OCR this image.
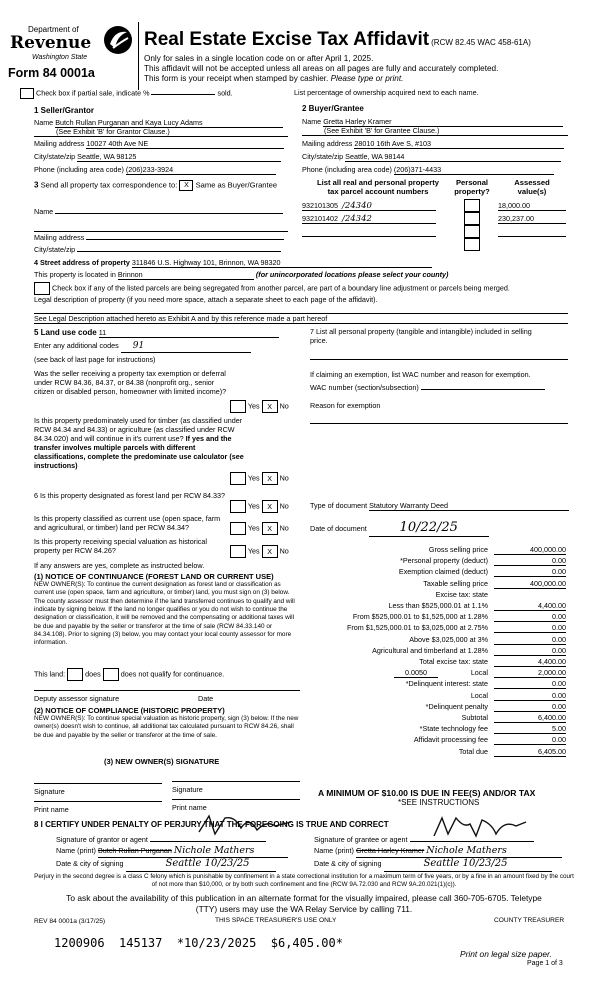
Department of
Revenue
Washington State
Form 84 0001a
Real Estate Excise Tax Affidavit (RCW 82.45 WAC 458-61A)
Only for sales in a single location code on or after April 1, 2025.
This affidavit will not be accepted unless all areas on all pages are fully and accurately completed.
This form is your receipt when stamped by cashier. Please type or print.
Check box if partial sale, indicate %	sold.	List percentage of ownership acquired next to each name.
1 Seller/Grantor
Name Butch Rullan Purganan and Kaya Lucy Adams
(See Exhibit 'B' for Grantor Clause.)
Mailing address 10027 40th Ave NE
City/state/zip Seattle, WA 98125
Phone (including area code) (206)233-3924
2 Buyer/Grantee
Name Gretta Harley Kramer
(See Exhibit 'B' for Grantee Clause.)
Mailing address 28010 16th Ave S, #103
City/state/zip Seattle, WA 98144
Phone (including area code) (206)371-4433
3 Send all property tax correspondence to: X Same as Buyer/Grantee
Name
Mailing address
City/state/zip
List all real and personal property
tax parcel account numbers
Personal
property?
Assessed
value(s)
932101305 /24340	18,000.00
932101402 /24342	230,237.00
4 Street address of property 311846 U.S. Highway 101, Brinnon, WA 98320
This property is located in Brinnon	(for unincorporated locations please select your county)
Check box if any of the listed parcels are being segregated from another parcel, are part of a boundary line adjustment or parcels being merged.
Legal description of property (if you need more space, attach a separate sheet to each page of the affidavit).
See Legal Description attached hereto as Exhibit A and by this reference made a part hereof
5 Land use code 11
Enter any additional codes 91
(see back of last page for instructions)
Was the seller receiving a property tax exemption or deferral under RCW 84.36, 84.37, or 84.38 (nonprofit org., senior citizen or disabled person, homeowner with limited income)?
Yes X No
Is this property predominately used for timber (as classified under RCW 84.34 and 84.33) or agriculture (as classified under RCW 84.34.020) and will continue in it's current use? If yes and the transfer involves multiple parcels with different classifications, complete the predominate use calculator (see instructions)
Yes X No
7 List all personal property (tangible and intangible) included in selling price.
If claiming an exemption, list WAC number and reason for exemption.
WAC number (section/subsection)
Reason for exemption
6 Is this property designated as forest land per RCW 84.33?
Yes X No
Is this property classified as current use (open space, farm and agricultural, or timber) land per RCW 84.34?	Yes X No
Is this property receiving special valuation as historical property per RCW 84.26?	Yes X No
If any answers are yes, complete as instructed below.
(1) NOTICE OF CONTINUANCE (FOREST LAND OR CURRENT USE)
NEW OWNER(S): To continue the current designation as forest land or classification as current use (open space, farm and agriculture, or timber) land, you must sign on (3) below. The county assessor must then determine if the land transferred continues to qualify and will indicate by signing below. If the land no longer qualifies or you do not wish to continue the designation or classification, it will be removed and the compensating or additional taxes will be due and payable by the seller or transferor at the time of sale (RCW 84.33.140 or 84.34.108). Prior to signing (3) below, you may contact your local county assessor for more information.
This land:	does	does not qualify for continuance.
Deputy assessor signature	Date
(2) NOTICE OF COMPLIANCE (HISTORIC PROPERTY)
NEW OWNER(S): To continue special valuation as historic property, sign (3) below. If the new owner(s) doesn't wish to continue, all additional tax calculated pursuant to RCW 84.26, shall be due and payable by the seller or transferor at the time of sale.
(3) NEW OWNER(S) SIGNATURE
Signature	Signature
Print name	Print name
Type of document Statutory Warranty Deed
Date of document	10/22/25
Gross selling price	400,000.00
*Personal property (deduct)	0.00
Exemption claimed (deduct)	0.00
Taxable selling price	400,000.00
Excise tax: state
Less than $525,000.01 at 1.1%	4,400.00
From $525,000.01 to $1,525,000 at 1.28%	0.00
From $1,525,000.01 to $3,025,000 at 2.75%	0.00
Above $3,025,000 at 3%	0.00
Agricultural and timberland at 1.28%	0.00
Total excise tax: state	4,400.00
Local
0.0050	2,000.00
*Delinquent interest: state	0.00
Local	0.00
*Delinquent penalty	0.00
Subtotal	6,400.00
*State technology fee	5.00
Affidavit processing fee	0.00
Total due	6,405.00
A MINIMUM OF $10.00 IS DUE IN FEE(S) AND/OR TAX
*SEE INSTRUCTIONS
8 I CERTIFY UNDER PENALTY OF PERJURY THAT THE FOREGOING IS TRUE AND CORRECT
Signature of grantor or agent
Name (print) Butch Rullan Purganan Nichole Mathers
Date & city of signing	Seattle 10/23/25
Signature of grantee or agent
Name (print) Gretta Harley Kramer Nichole Mathers
Date & city of signing	Seattle 10/23/25
Perjury in the second degree is a class C felony which is punishable by confinement in a state correctional institution for a maximum term of five years, or by a fine in an amount fixed by the court of not more than $10,000, or by both such confinement and fine (RCW 9A.72.030 and RCW 9A.20.021(1)(c)).
To ask about the availability of this publication in an alternate format for the visually impaired, please call 360-705-6705. Teletype
(TTY) users may use the WA Relay Service by calling 711.
REV 84 0001a (3/17/25)	THIS SPACE TREASURER'S USE ONLY	COUNTY TREASURER
1200906  145137  *10/23/2025  $6,405.00*
Print on legal size paper.
Page 1 of 3
